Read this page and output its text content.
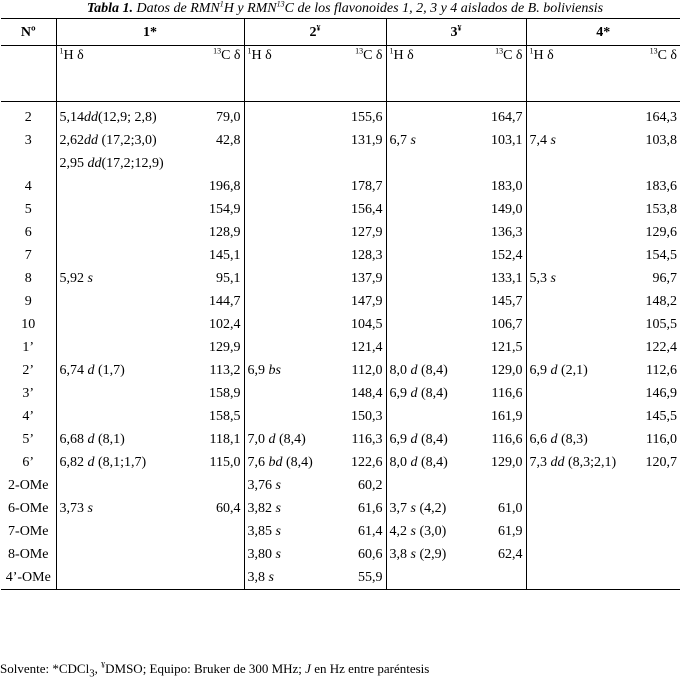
Tabla 1. Datos de RMN$^1$H y RMN$^{13}$C de los flavonoides 1, 2, 3 y 4 aislados de B. boliviensis
Nº	1*		2¥		3¥		4*	
	$^1$H δ	$^{13}$C δ	$^1$H δ	$^{13}$C δ	$^1$H δ	$^{13}$C δ	$^1$H δ	$^{13}$C δ
2	5,14dd(12,9; 2,8)	79,0		155,6		164,7		164,3
3	2,62dd (17,2;3,0)	42,8		131,9	6,7 s	103,1	7,4 s	103,8
	2,95 dd(17,2;12,9)							
4		196,8		178,7		183,0		183,6
5		154,9		156,4		149,0		153,8
6		128,9		127,9		136,3		129,6
7		145,1		128,3		152,4		154,5
8	5,92 s	95,1		137,9		133,1	5,3 s	96,7
9		144,7		147,9		145,7		148,2
10		102,4		104,5		106,7		105,5
1’		129,9		121,4		121,5		122,4
2’	6,74 d (1,7)	113,2	6,9 bs	112,0	8,0 d (8,4)	129,0	6,9 d (2,1)	112,6
3’		158,9		148,4	6,9 d (8,4)	116,6		146,9
4’		158,5		150,3		161,9		145,5
5’	6,68 d (8,1)	118,1	7,0 d (8,4)	116,3	6,9 d (8,4)	116,6	6,6 d (8,3)	116,0
6’	6,82 d (8,1;1,7)	115,0	7,6 bd (8,4)	122,6	8,0 d (8,4)	129,0	7,3 dd (8,3;2,1)	120,7
2-OMe			3,76 s	60,2				
6-OMe	3,73 s	60,4	3,82 s	61,6	3,7 s (4,2)	61,0		
7-OMe			3,85 s	61,4	4,2 s (3,0)	61,9		
8-OMe			3,80 s	60,6	3,8 s (2,9)	62,4		
4’-OMe			3,8 s	55,9				
Solvente: *CDCl$_3$, ¥DMSO; Equipo: Bruker de 300 MHz; J en Hz entre paréntesis
